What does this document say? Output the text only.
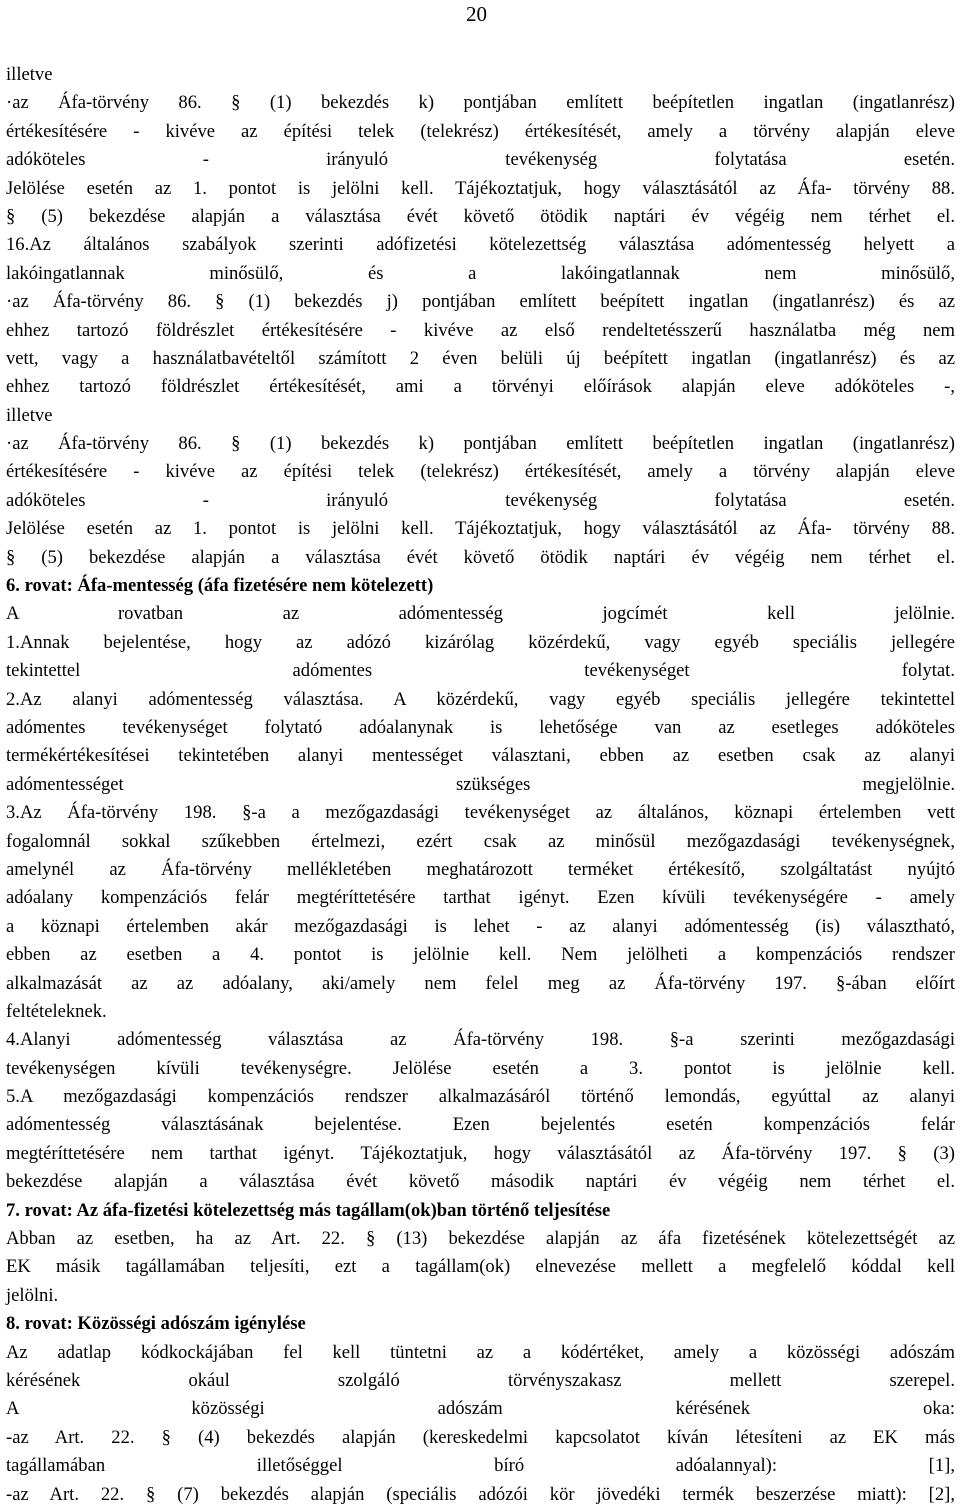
20
illetve
·az Áfa-törvény 86. § (1) bekezdés k) pontjában említett beépítetlen ingatlan (ingatlanrész)
értékesítésére - kivéve az építési telek (telekrész) értékesítését, amely a törvény alapján eleve
adóköteles - irányuló tevékenység folytatása esetén.
Jelölése esetén az 1. pontot is jelölni kell. Tájékoztatjuk, hogy választásától az Áfa- törvény 88.
§ (5) bekezdése alapján a választása évét követő ötödik naptári év végéig nem térhet el.
16.Az általános szabályok szerinti adófizetési kötelezettség választása adómentesség helyett a
lakóingatlannak minősülő, és a lakóingatlannak nem minősülő,
·az Áfa-törvény 86. § (1) bekezdés j) pontjában említett beépített ingatlan (ingatlanrész) és az
ehhez tartozó földrészlet értékesítésére - kivéve az első rendeltetésszerű használatba még nem
vett, vagy a használatbavételtől számított 2 éven belüli új beépített ingatlan (ingatlanrész) és az
ehhez tartozó földrészlet értékesítését, ami a törvényi előírások alapján eleve adóköteles -,
illetve
·az Áfa-törvény 86. § (1) bekezdés k) pontjában említett beépítetlen ingatlan (ingatlanrész)
értékesítésére - kivéve az építési telek (telekrész) értékesítését, amely a törvény alapján eleve
adóköteles - irányuló tevékenység folytatása esetén.
Jelölése esetén az 1. pontot is jelölni kell. Tájékoztatjuk, hogy választásától az Áfa- törvény 88.
§ (5) bekezdése alapján a választása évét követő ötödik naptári év végéig nem térhet el.
6. rovat: Áfa-mentesség (áfa fizetésére nem kötelezett)
A rovatban az adómentesség jogcímét kell jelölnie.
1.Annak bejelentése, hogy az adózó kizárólag közérdekű, vagy egyéb speciális jellegére
tekintettel adómentes tevékenységet folytat.
2.Az alanyi adómentesség választása. A közérdekű, vagy egyéb speciális jellegére tekintettel
adómentes tevékenységet folytató adóalanynak is lehetősége van az esetleges adóköteles
termékértékesítései tekintetében alanyi mentességet választani, ebben az esetben csak az alanyi
adómentességet szükséges megjelölnie.
3.Az Áfa-törvény 198. §-a a mezőgazdasági tevékenységet az általános, köznapi értelemben vett
fogalomnál sokkal szűkebben értelmezi, ezért csak az minősül mezőgazdasági tevékenységnek,
amelynél az Áfa-törvény mellékletében meghatározott terméket értékesítő, szolgáltatást nyújtó
adóalany kompenzációs felár megtéríttetésére tarthat igényt. Ezen kívüli tevékenységére - amely
a köznapi értelemben akár mezőgazdasági is lehet - az alanyi adómentesség (is) választható,
ebben az esetben a 4. pontot is jelölnie kell. Nem jelölheti a kompenzációs rendszer
alkalmazását az az adóalany, aki/amely nem felel meg az Áfa-törvény 197. §-ában előírt
feltételeknek.
4.Alanyi adómentesség választása az Áfa-törvény 198. §-a szerinti mezőgazdasági
tevékenységen kívüli tevékenységre. Jelölése esetén a 3. pontot is jelölnie kell.
5.A mezőgazdasági kompenzációs rendszer alkalmazásáról történő lemondás, egyúttal az alanyi
adómentesség választásának bejelentése. Ezen bejelentés esetén kompenzációs felár
megtéríttetésére nem tarthat igényt. Tájékoztatjuk, hogy választásától az Áfa-törvény 197. § (3)
bekezdése alapján a választása évét követő második naptári év végéig nem térhet el.
7. rovat: Az áfa-fizetési kötelezettség más tagállam(ok)ban történő teljesítése
Abban az esetben, ha az Art. 22. § (13) bekezdése alapján az áfa fizetésének kötelezettségét az
EK másik tagállamában teljesíti, ezt a tagállam(ok) elnevezése mellett a megfelelő kóddal kell
jelölni.
8. rovat: Közösségi adószám igénylése
Az adatlap kódkockájában fel kell tüntetni az a kódértéket, amely a közösségi adószám
kérésének okául szolgáló törvényszakasz mellett szerepel.
A közösségi adószám kérésének oka:
-az Art. 22. § (4) bekezdés alapján (kereskedelmi kapcsolatot kíván létesíteni az EK más
tagállamában illetőséggel bíró adóalannyal): [1],
-az Art. 22. § (7) bekezdés alapján (speciális adózói kör jövedéki termék beszerzése miatt): [2],
